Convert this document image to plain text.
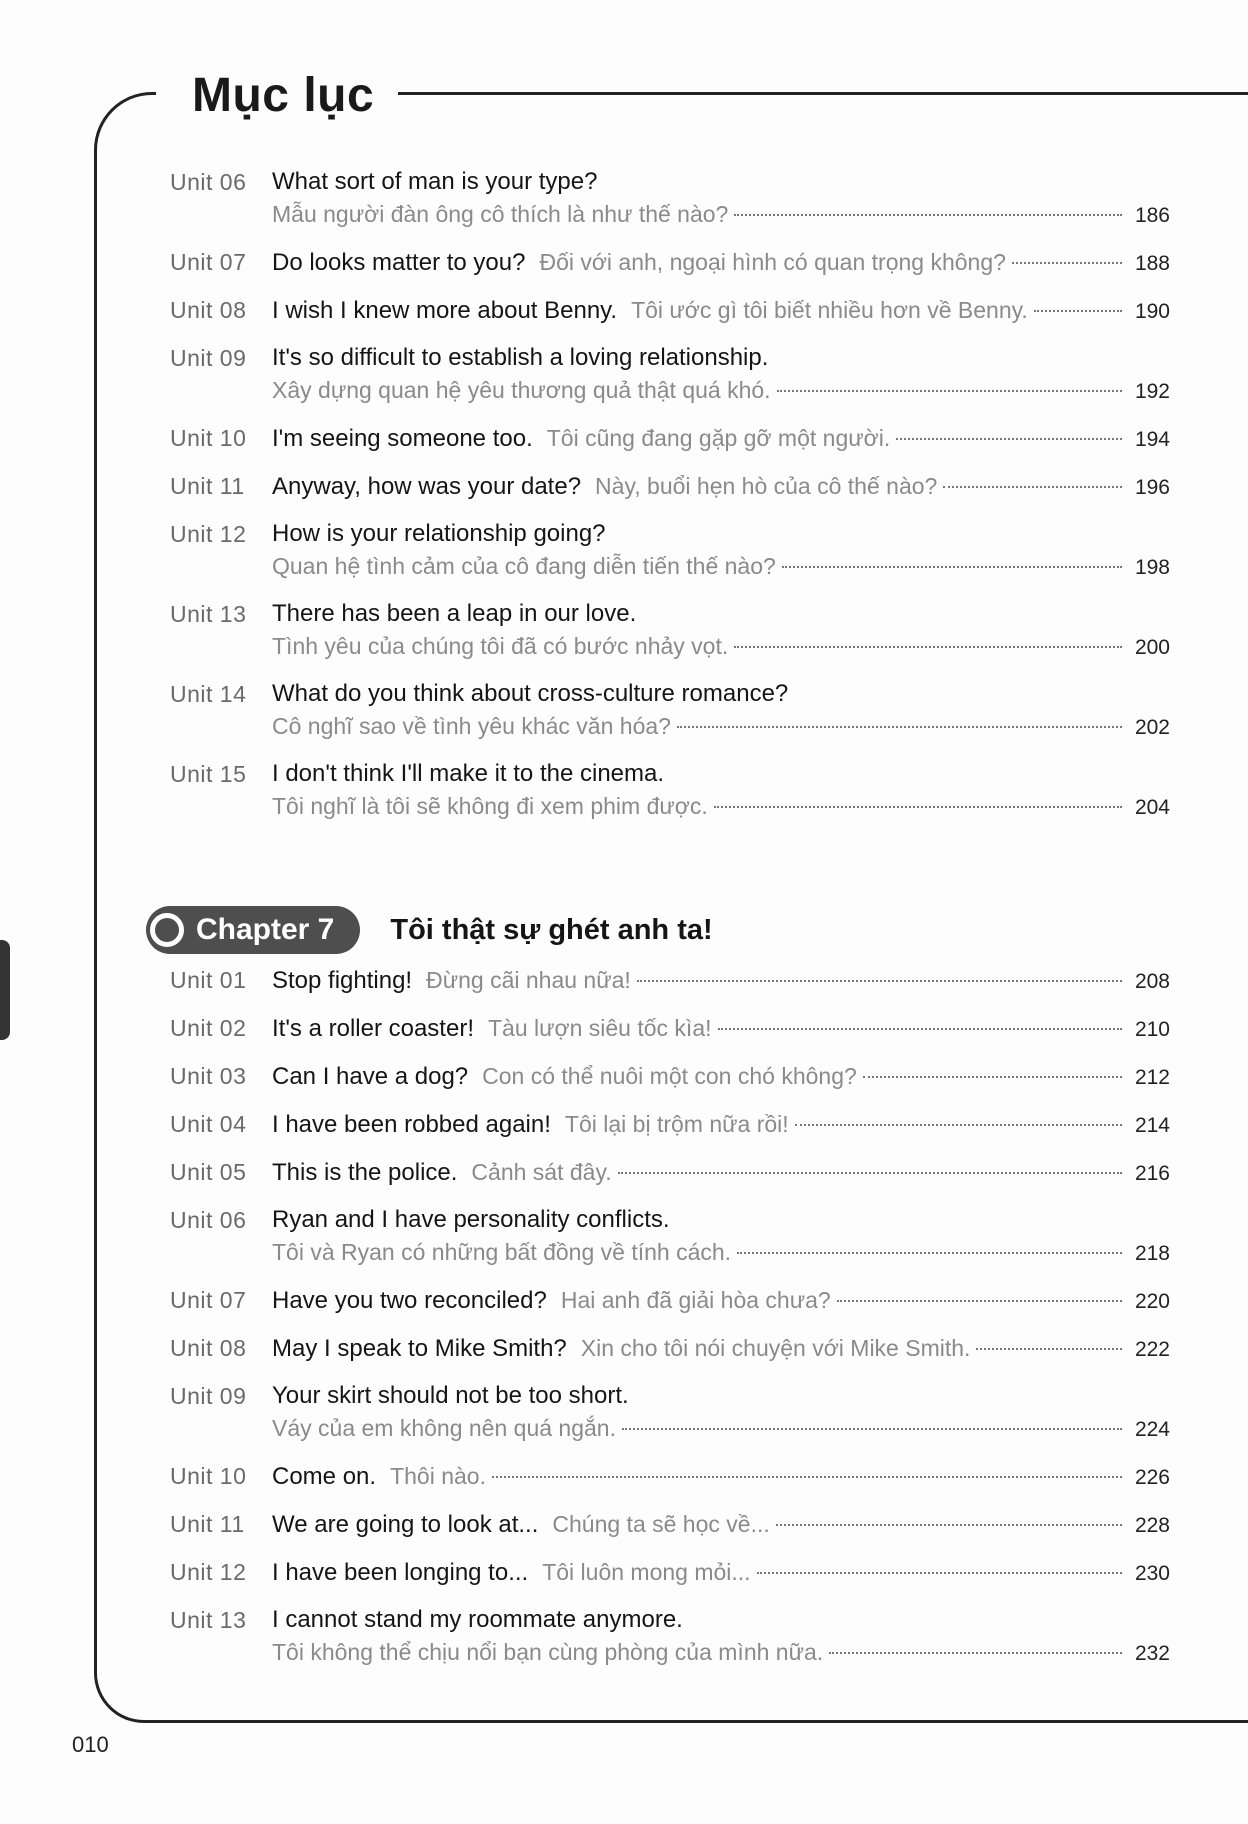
Mục lục
Unit 06	What sort of man is your type?
Mẫu người đàn ông cô thích là như thế nào?	186
Unit 07	Do looks matter to you? Đối với anh, ngoại hình có quan trọng không?	188
Unit 08	I wish I knew more about Benny. Tôi ước gì tôi biết nhiều hơn về Benny.	190
Unit 09	It's so difficult to establish a loving relationship.
Xây dựng quan hệ yêu thương quả thật quá khó.	192
Unit 10	I'm seeing someone too. Tôi cũng đang gặp gỡ một người.	194
Unit 11	Anyway, how was your date? Này, buổi hẹn hò của cô thế nào?	196
Unit 12	How is your relationship going?
Quan hệ tình cảm của cô đang diễn tiến thế nào?	198
Unit 13	There has been a leap in our love.
Tình yêu của chúng tôi đã có bước nhảy vọt.	200
Unit 14	What do you think about cross-culture romance?
Cô nghĩ sao về tình yêu khác văn hóa?	202
Unit 15	I don't think I'll make it to the cinema.
Tôi nghĩ là tôi sẽ không đi xem phim được.	204
Chapter 7 Tôi thật sự ghét anh ta!
Unit 01	Stop fighting! Đừng cãi nhau nữa!	208
Unit 02	It's a roller coaster! Tàu lượn siêu tốc kìa!	210
Unit 03	Can I have a dog? Con có thể nuôi một con chó không?	212
Unit 04	I have been robbed again! Tôi lại bị trộm nữa rồi!	214
Unit 05	This is the police. Cảnh sát đây.	216
Unit 06	Ryan and I have personality conflicts.
Tôi và Ryan có những bất đồng về tính cách.	218
Unit 07	Have you two reconciled? Hai anh đã giải hòa chưa?	220
Unit 08	May I speak to Mike Smith? Xin cho tôi nói chuyện với Mike Smith.	222
Unit 09	Your skirt should not be too short.
Váy của em không nên quá ngắn.	224
Unit 10	Come on. Thôi nào.	226
Unit 11	We are going to look at... Chúng ta sẽ học về...	228
Unit 12	I have been longing to... Tôi luôn mong mỏi...	230
Unit 13	I cannot stand my roommate anymore.
Tôi không thể chịu nổi bạn cùng phòng của mình nữa.	232
010
